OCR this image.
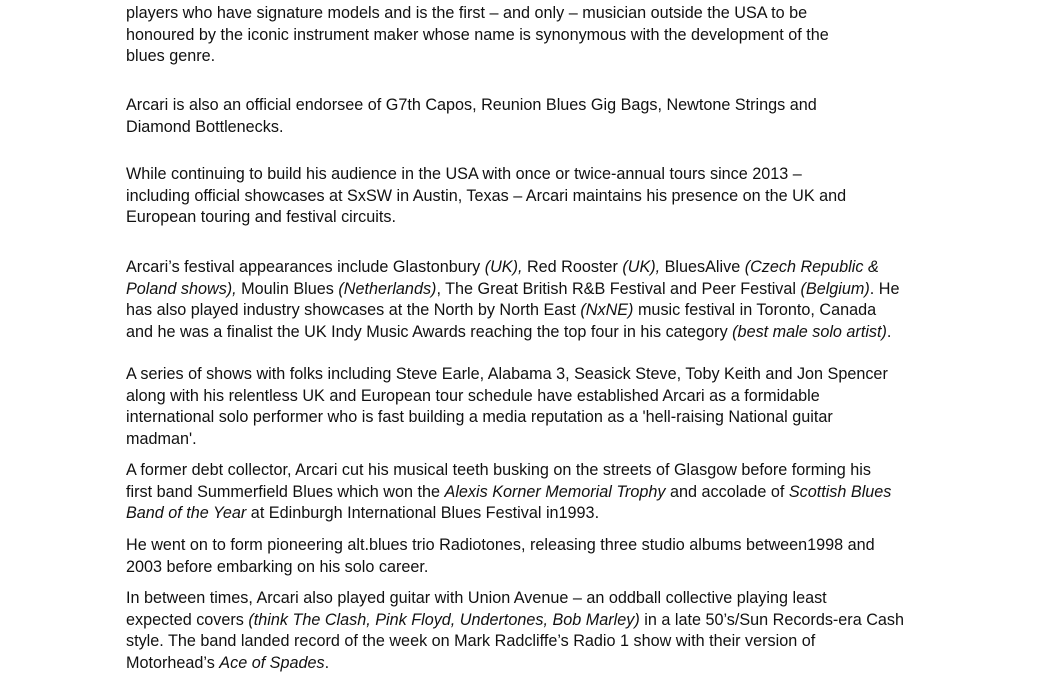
players who have signature models and is the first – and only – musician outside the USA to be
honoured by the iconic instrument maker whose name is synonymous with the development of the
blues genre.

Arcari is also an official endorsee of G7th Capos, Reunion Blues Gig Bags, Newtone Strings and
Diamond Bottlenecks.

While continuing to build his audience in the USA with once or twice-annual tours since 2013 –
including official showcases at SxSW in Austin, Texas – Arcari maintains his presence on the UK and
European touring and festival circuits.

Arcari’s festival appearances include Glastonbury (UK), Red Rooster (UK), BluesAlive (Czech Republic &
Poland shows), Moulin Blues (Netherlands), The Great British R&B Festival and Peer Festival (Belgium). He
has also played industry showcases at the North by North East (NxNE) music festival in Toronto, Canada
and he was a finalist the UK Indy Music Awards reaching the top four in his category (best male solo artist).

A series of shows with folks including Steve Earle, Alabama 3, Seasick Steve, Toby Keith and Jon Spencer
along with his relentless UK and European tour schedule have established Arcari as a formidable
international solo performer who is fast building a media reputation as a 'hell-raising National guitar
madman'.

A former debt collector, Arcari cut his musical teeth busking on the streets of Glasgow before forming his
first band Summerfield Blues which won the Alexis Korner Memorial Trophy and accolade of Scottish Blues
Band of the Year at Edinburgh International Blues Festival in1993.

He went on to form pioneering alt.blues trio Radiotones, releasing three studio albums between1998 and
2003 before embarking on his solo career.

In between times, Arcari also played guitar with Union Avenue – an oddball collective playing least
expected covers (think The Clash, Pink Floyd, Undertones, Bob Marley) in a late 50’s/Sun Records-era Cash
style. The band landed record of the week on Mark Radcliffe’s Radio 1 show with their version of
Motorhead’s Ace of Spades.
